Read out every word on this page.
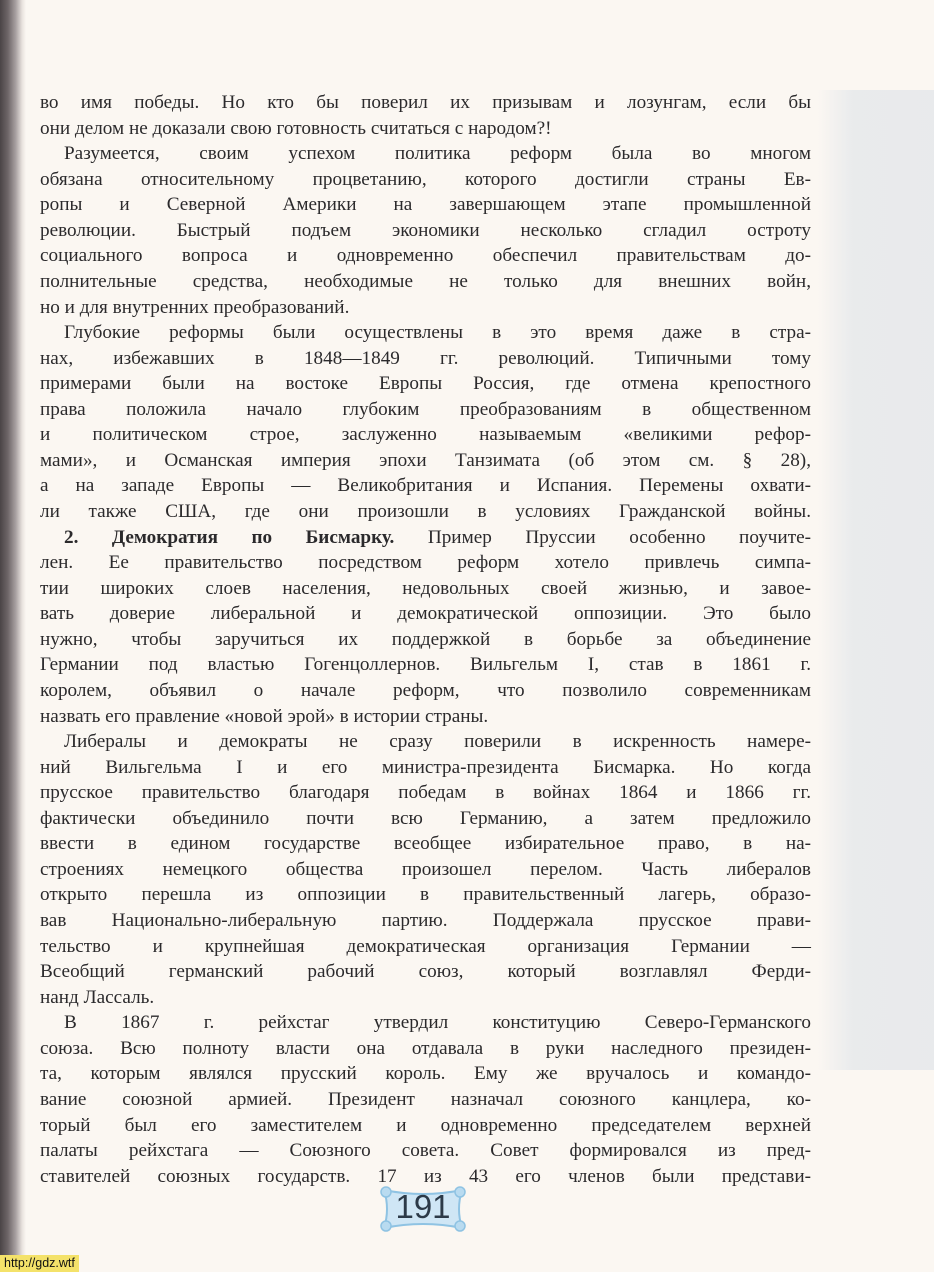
во имя победы. Но кто бы поверил их призывам и лозунгам, если бы
они делом не доказали свою готовность считаться с народом?!
Разумеется, своим успехом политика реформ была во многом
обязана относительному процветанию, которого достигли страны Ев-
ропы и Северной Америки на завершающем этапе промышленной
революции. Быстрый подъем экономики несколько сгладил остроту
социального вопроса и одновременно обеспечил правительствам до-
полнительные средства, необходимые не только для внешних войн,
но и для внутренних преобразований.
Глубокие реформы были осуществлены в это время даже в стра-
нах, избежавших в 1848—1849 гг. революций. Типичными тому
примерами были на востоке Европы Россия, где отмена крепостного
права положила начало глубоким преобразованиям в общественном
и политическом строе, заслуженно называемым «великими рефор-
мами», и Османская империя эпохи Танзимата (об этом см. § 28),
а на западе Европы — Великобритания и Испания. Перемены охвати-
ли также США, где они произошли в условиях Гражданской войны.
2. Демократия по Бисмарку. Пример Пруссии особенно поучите-
лен. Ее правительство посредством реформ хотело привлечь симпа-
тии широких слоев населения, недовольных своей жизнью, и завое-
вать доверие либеральной и демократической оппозиции. Это было
нужно, чтобы заручиться их поддержкой в борьбе за объединение
Германии под властью Гогенцоллернов. Вильгельм I, став в 1861 г.
королем, объявил о начале реформ, что позволило современникам
назвать его правление «новой эрой» в истории страны.
Либералы и демократы не сразу поверили в искренность намере-
ний Вильгельма I и его министра-президента Бисмарка. Но когда
прусское правительство благодаря победам в войнах 1864 и 1866 гг.
фактически объединило почти всю Германию, а затем предложило
ввести в едином государстве всеобщее избирательное право, в на-
строениях немецкого общества произошел перелом. Часть либералов
открыто перешла из оппозиции в правительственный лагерь, образо-
вав Национально-либеральную партию. Поддержала прусское прави-
тельство и крупнейшая демократическая организация Германии —
Всеобщий германский рабочий союз, который возглавлял Ферди-
нанд Лассаль.
В 1867 г. рейхстаг утвердил конституцию Северо-Германского
союза. Всю полноту власти она отдавала в руки наследного президен-
та, которым являлся прусский король. Ему же вручалось и командо-
вание союзной армией. Президент назначал союзного канцлера, ко-
торый был его заместителем и одновременно председателем верхней
палаты рейхстага — Союзного совета. Совет формировался из пред-
ставителей союзных государств. 17 из 43 его членов были представи-
191
http://gdz.wtf
